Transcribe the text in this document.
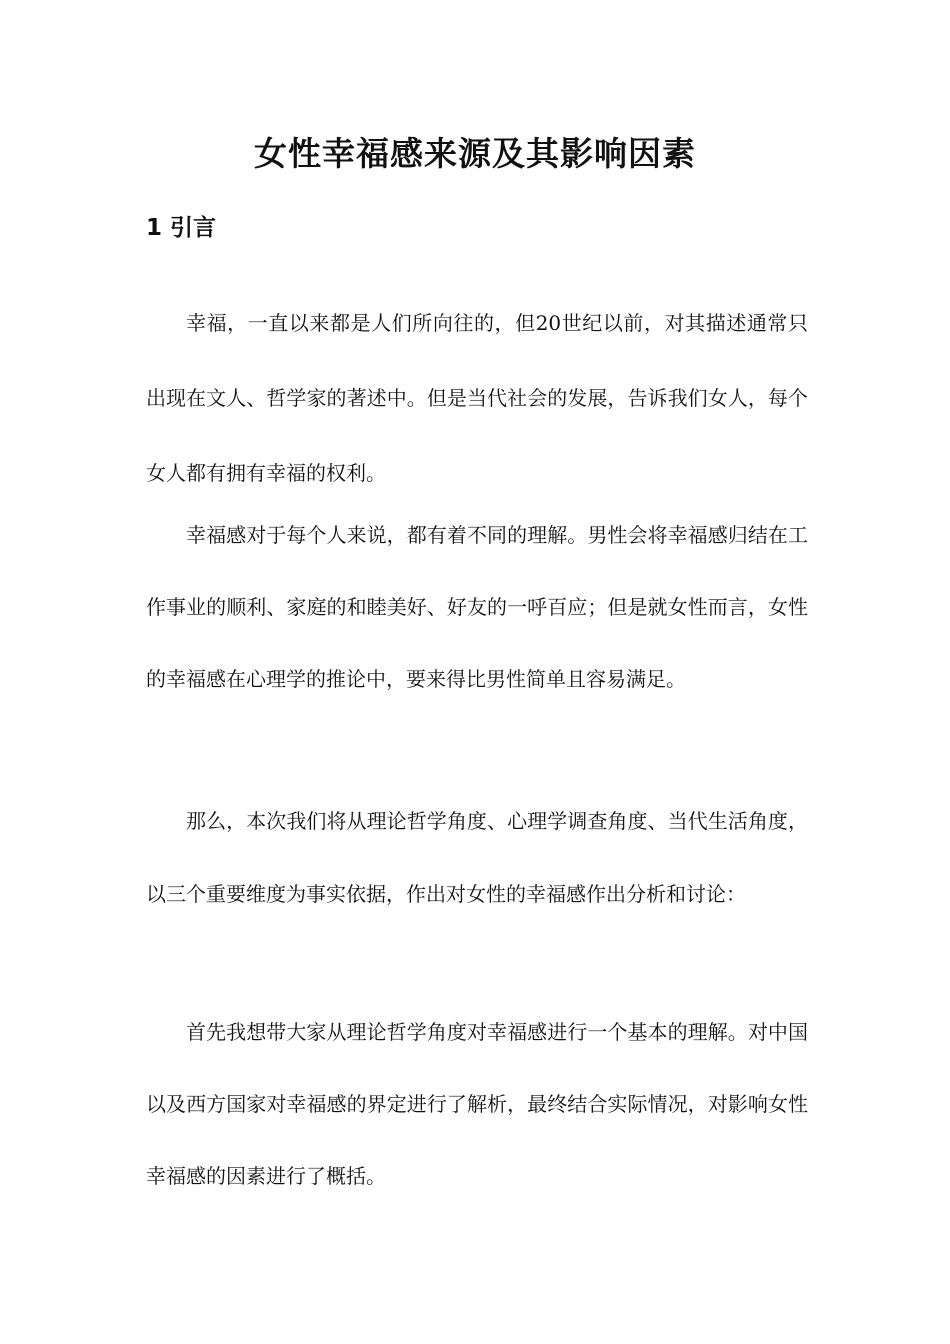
女性幸福感来源及其影响因素
1 引言

幸福，一直以来都是人们所向往的，但20世纪以前，对其描述通常只出现在文人、哲学家的著述中。但是当代社会的发展，告诉我们女人，每个女人都有拥有幸福的权利。

幸福感对于每个人来说，都有着不同的理解。男性会将幸福感归结在工作事业的顺利、家庭的和睦美好、好友的一呼百应；但是就女性而言，女性的幸福感在心理学的推论中，要来得比男性简单且容易满足。

那么，本次我们将从理论哲学角度、心理学调查角度、当代生活角度，以三个重要维度为事实依据，作出对女性的幸福感作出分析和讨论：

首先我想带大家从理论哲学角度对幸福感进行一个基本的理解。对中国以及西方国家对幸福感的界定进行了解析，最终结合实际情况，对影响女性幸福感的因素进行了概括。
